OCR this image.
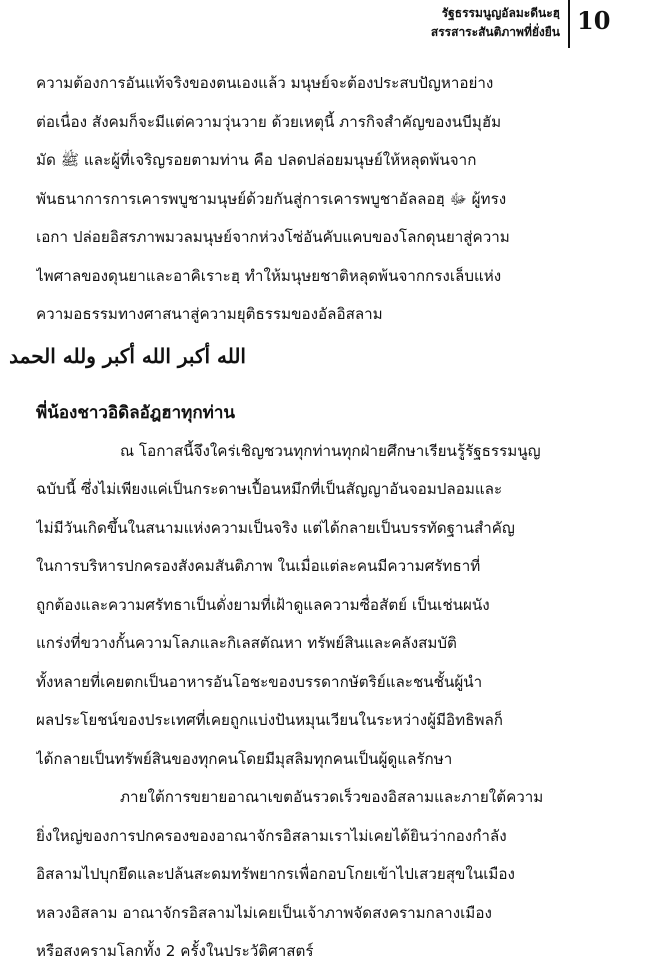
รัฐธรรมนูญอัลมะดีนะฮฺ
สรรสาระสันติภาพที่ยั่งยืน 10
ความต้องการอันแท้จริงของตนเองแล้ว มนุษย์จะต้องประสบปัญหาอย่าง
ต่อเนื่อง สังคมก็จะมีแต่ความวุ่นวาย ด้วยเหตุนี้ ภารกิจสำคัญของนบีมุฮัม
มัด ﷺ และผู้ที่เจริญรอยตามท่าน คือ ปลดปล่อยมนุษย์ให้หลุดพ้นจาก
พันธนาการการเคารพบูชามนุษย์ด้วยกันสู่การเคารพบูชาอัลลอฮฺ ﷻ ผู้ทรง
เอกา ปล่อยอิสรภาพมวลมนุษย์จากห่วงโซ่อันคับแคบของโลกดุนยาสู่ความ
ไพศาลของดุนยาและอาคิเราะฮฺ ทำให้มนุษยชาติหลุดพ้นจากกรงเล็บแห่ง
ความอธรรมทางศาสนาสู่ความยุติธรรมของอัลอิสลาม
الله أكبر الله أكبر ولله الحمد
พี่น้องชาวอิดิลอัฎฮาทุกท่าน
ณ โอกาสนี้จึงใคร่เชิญชวนทุกท่านทุกฝ่ายศึกษาเรียนรู้รัฐธรรมนูญ
ฉบับนี้ ซึ่งไม่เพียงแค่เป็นกระดาษเปื้อนหมึกที่เป็นสัญญาอันจอมปลอมและ
ไม่มีวันเกิดขึ้นในสนามแห่งความเป็นจริง แต่ได้กลายเป็นบรรทัดฐานสำคัญ
ในการบริหารปกครองสังคมสันติภาพ ในเมื่อแต่ละคนมีความศรัทธาที่
ถูกต้องและความศรัทธาเป็นดั่งยามที่เฝ้าดูแลความซื่อสัตย์ เป็นเช่นผนัง
แกร่งที่ขวางกั้นความโลภและกิเลสตัณหา ทรัพย์สินและคลังสมบัติ
ทั้งหลายที่เคยตกเป็นอาหารอันโอชะของบรรดากษัตริย์และชนชั้นผู้นำ
ผลประโยชน์ของประเทศที่เคยถูกแบ่งปันหมุนเวียนในระหว่างผู้มีอิทธิพลก็
ได้กลายเป็นทรัพย์สินของทุกคนโดยมีมุสลิมทุกคนเป็นผู้ดูแลรักษา
ภายใต้การขยายอาณาเขตอันรวดเร็วของอิสลามและภายใต้ความ
ยิ่งใหญ่ของการปกครองของอาณาจักรอิสลามเราไม่เคยได้ยินว่ากองกำลัง
อิสลามไปบุกยึดและปล้นสะดมทรัพยากรเพื่อกอบโกยเข้าไปเสวยสุขในเมือง
หลวงอิสลาม อาณาจักรอิสลามไม่เคยเป็นเจ้าภาพจัดสงครามกลางเมือง
หรือสงครามโลกทั้ง 2 ครั้งในประวัติศาสตร์
